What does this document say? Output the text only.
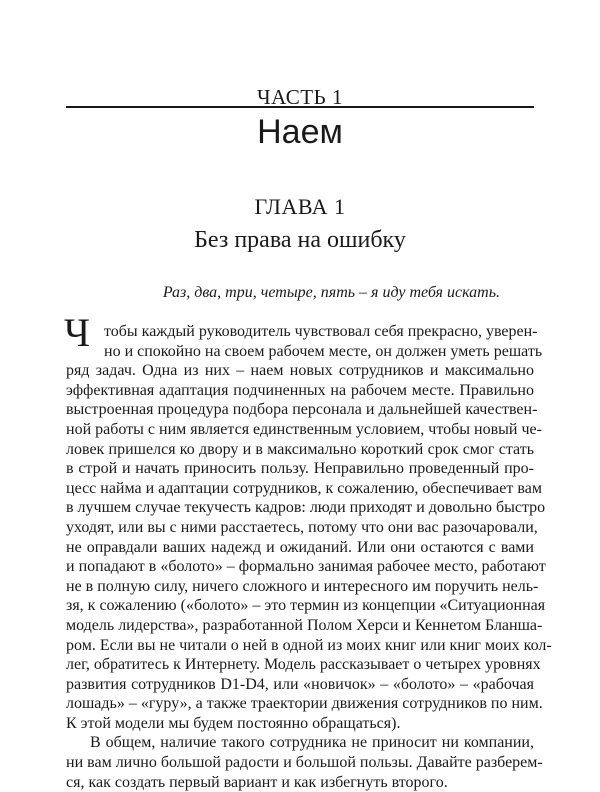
ЧАСТЬ 1
Наем
ГЛАВА 1
Без права на ошибку
Раз, два, три, четыре, пять – я иду тебя искать.
Ч тобы каждый руководитель чувствовал себя прекрасно, уверен-
но и спокойно на своем рабочем месте, он должен уметь решать
ряд задач. Одна из них – наем новых сотрудников и максимально
эффективная адаптация подчиненных на рабочем месте. Правильно
выстроенная процедура подбора персонала и дальнейшей качествен-
ной работы с ним является единственным условием, чтобы новый че-
ловек пришелся ко двору и в максимально короткий срок смог стать
в строй и начать приносить пользу. Неправильно проведенный про-
цесс найма и адаптации сотрудников, к сожалению, обеспечивает вам
в лучшем случае текучесть кадров: люди приходят и довольно быстро
уходят, или вы с ними расстаетесь, потому что они вас разочаровали,
не оправдали ваших надежд и ожиданий. Или они остаются с вами
и попадают в «болото» – формально занимая рабочее место, работают
не в полную силу, ничего сложного и интересного им поручить нель-
зя, к сожалению («болото» – это термин из концепции «Ситуационная
модель лидерства», разработанной Полом Херси и Кеннетом Бланша-
ром. Если вы не читали о ней в одной из моих книг или книг моих кол-
лег, обратитесь к Интернету. Модель рассказывает о четырех уровнях
развития сотрудников D1-D4, или «новичок» – «болото» – «рабочая
лошадь» – «гуру», а также траектории движения сотрудников по ним.
К этой модели мы будем постоянно обращаться).
В общем, наличие такого сотрудника не приносит ни компании,
ни вам лично большой радости и большой пользы. Давайте разберем-
ся, как создать первый вариант и как избегнуть второго.
